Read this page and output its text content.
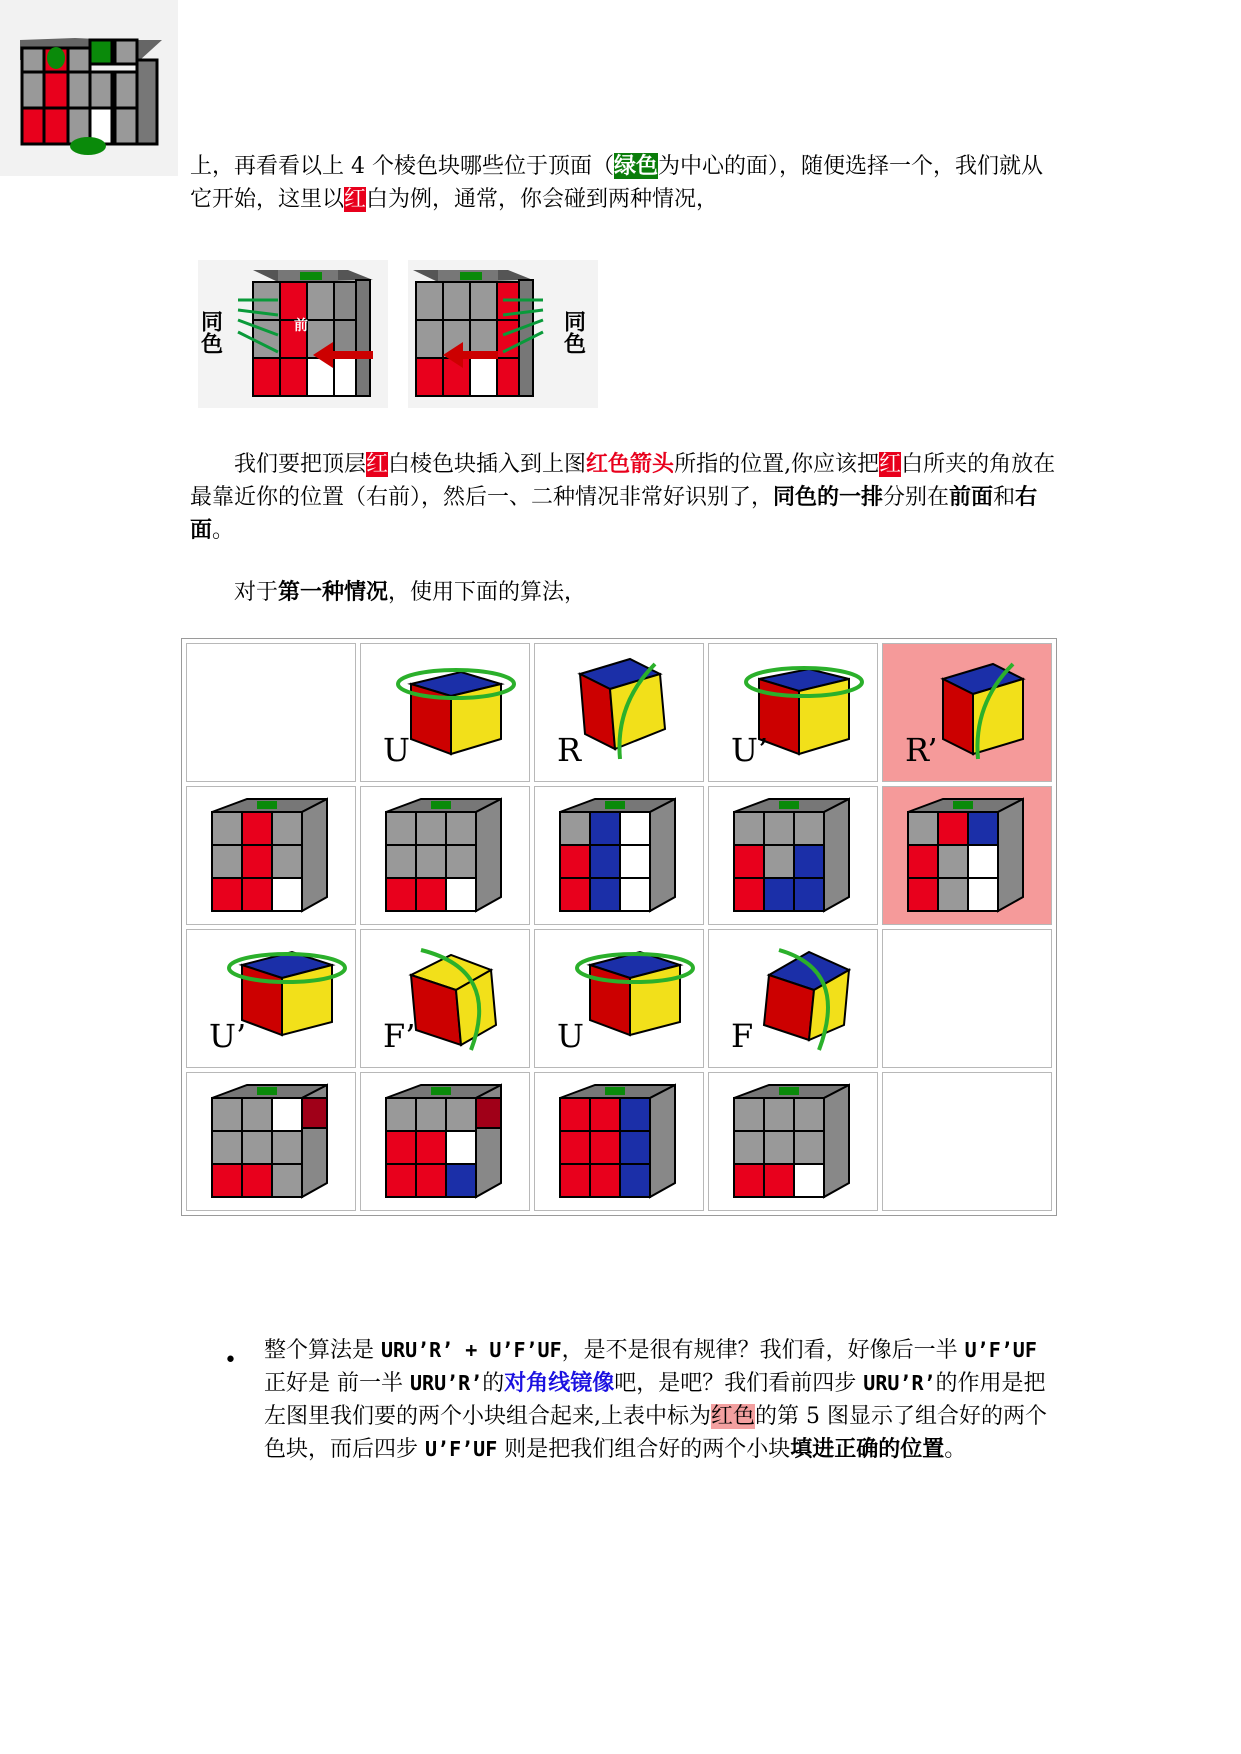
上，再看看以上 4 个棱色块哪些位于顶面（绿色为中心的面），随便选择一个，我们就从它开始，这里以红白为例，通常，你会碰到两种情况，
同色	前	同色
我们要把顶层红白棱色块插入到上图红色箭头所指的位置,你应该把红白所夹的角放在最靠近你的位置（右前），然后一、二种情况非常好识别了，同色的一排分别在前面和右面。
对于第一种情况，使用下面的算法，

	U	R	U’	R’

U’	F’	U	F	

• 整个算法是 URU’R’ + U’F’UF，是不是很有规律？我们看，好像后一半 U’F’UF 正好是 前一半 URU’R’的对角线镜像吧，是吧？我们看前四步 URU’R’的作用是把左图里我们要的两个小块组合起来,上表中标为红色的第 5 图显示了组合好的两个色块，而后四步 U’F’UF 则是把我们组合好的两个小块填进正确的位置。
